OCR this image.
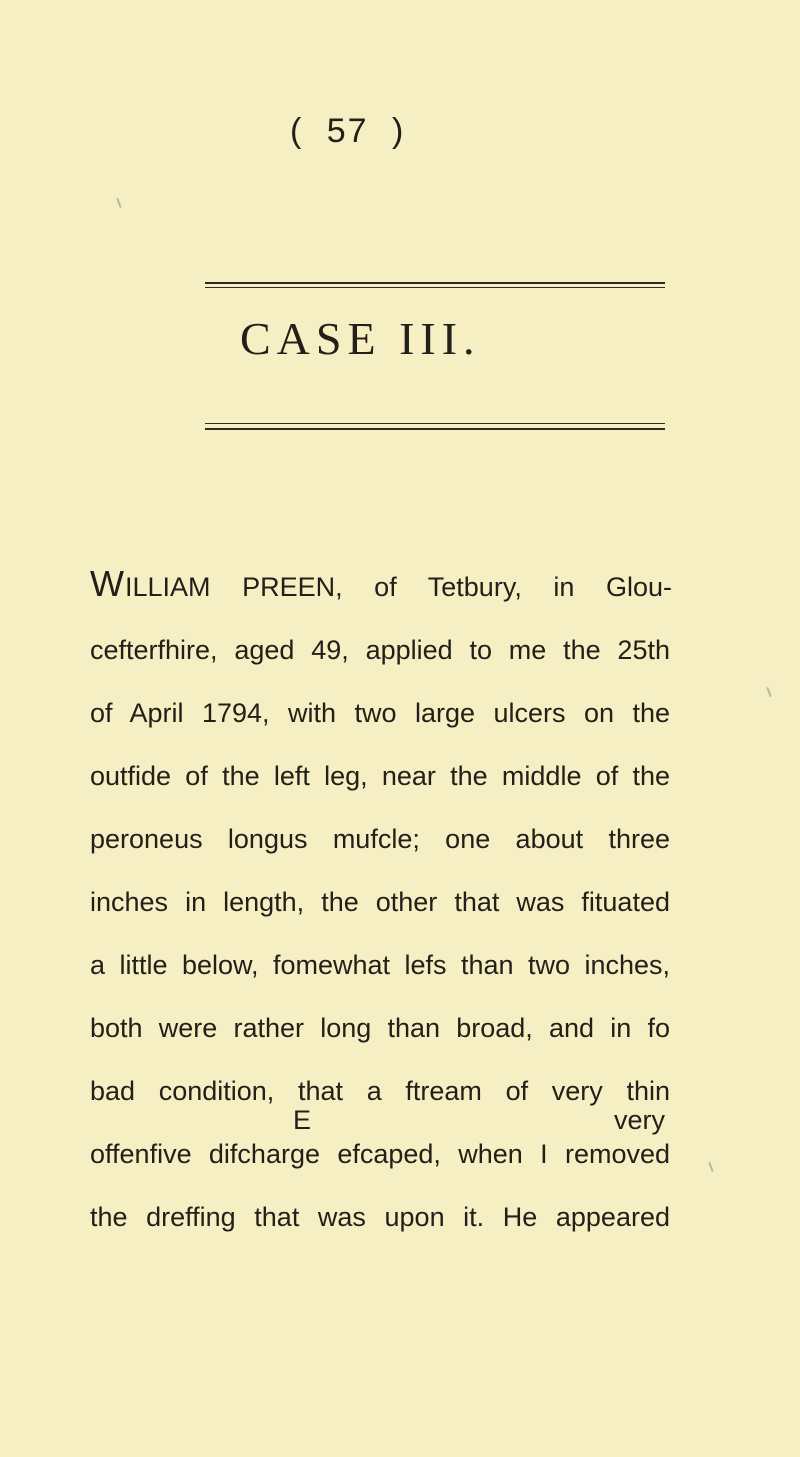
( 57 )
CASE III.
WILLIAM PREEN, of Tetbury, in Glou-
cefterfhire, aged 49, applied to me the 25th
of April 1794, with two large ulcers on the
outfide of the left leg, near the middle of the
peroneus longus mufcle; one about three
inches in length, the other that was fituated
a little below, fomewhat lefs than two inches,
both were rather long than broad, and in fo
bad condition, that a ftream of very thin
offenfive difcharge efcaped, when I removed
the dreffing that was upon it. He appeared
E	very
